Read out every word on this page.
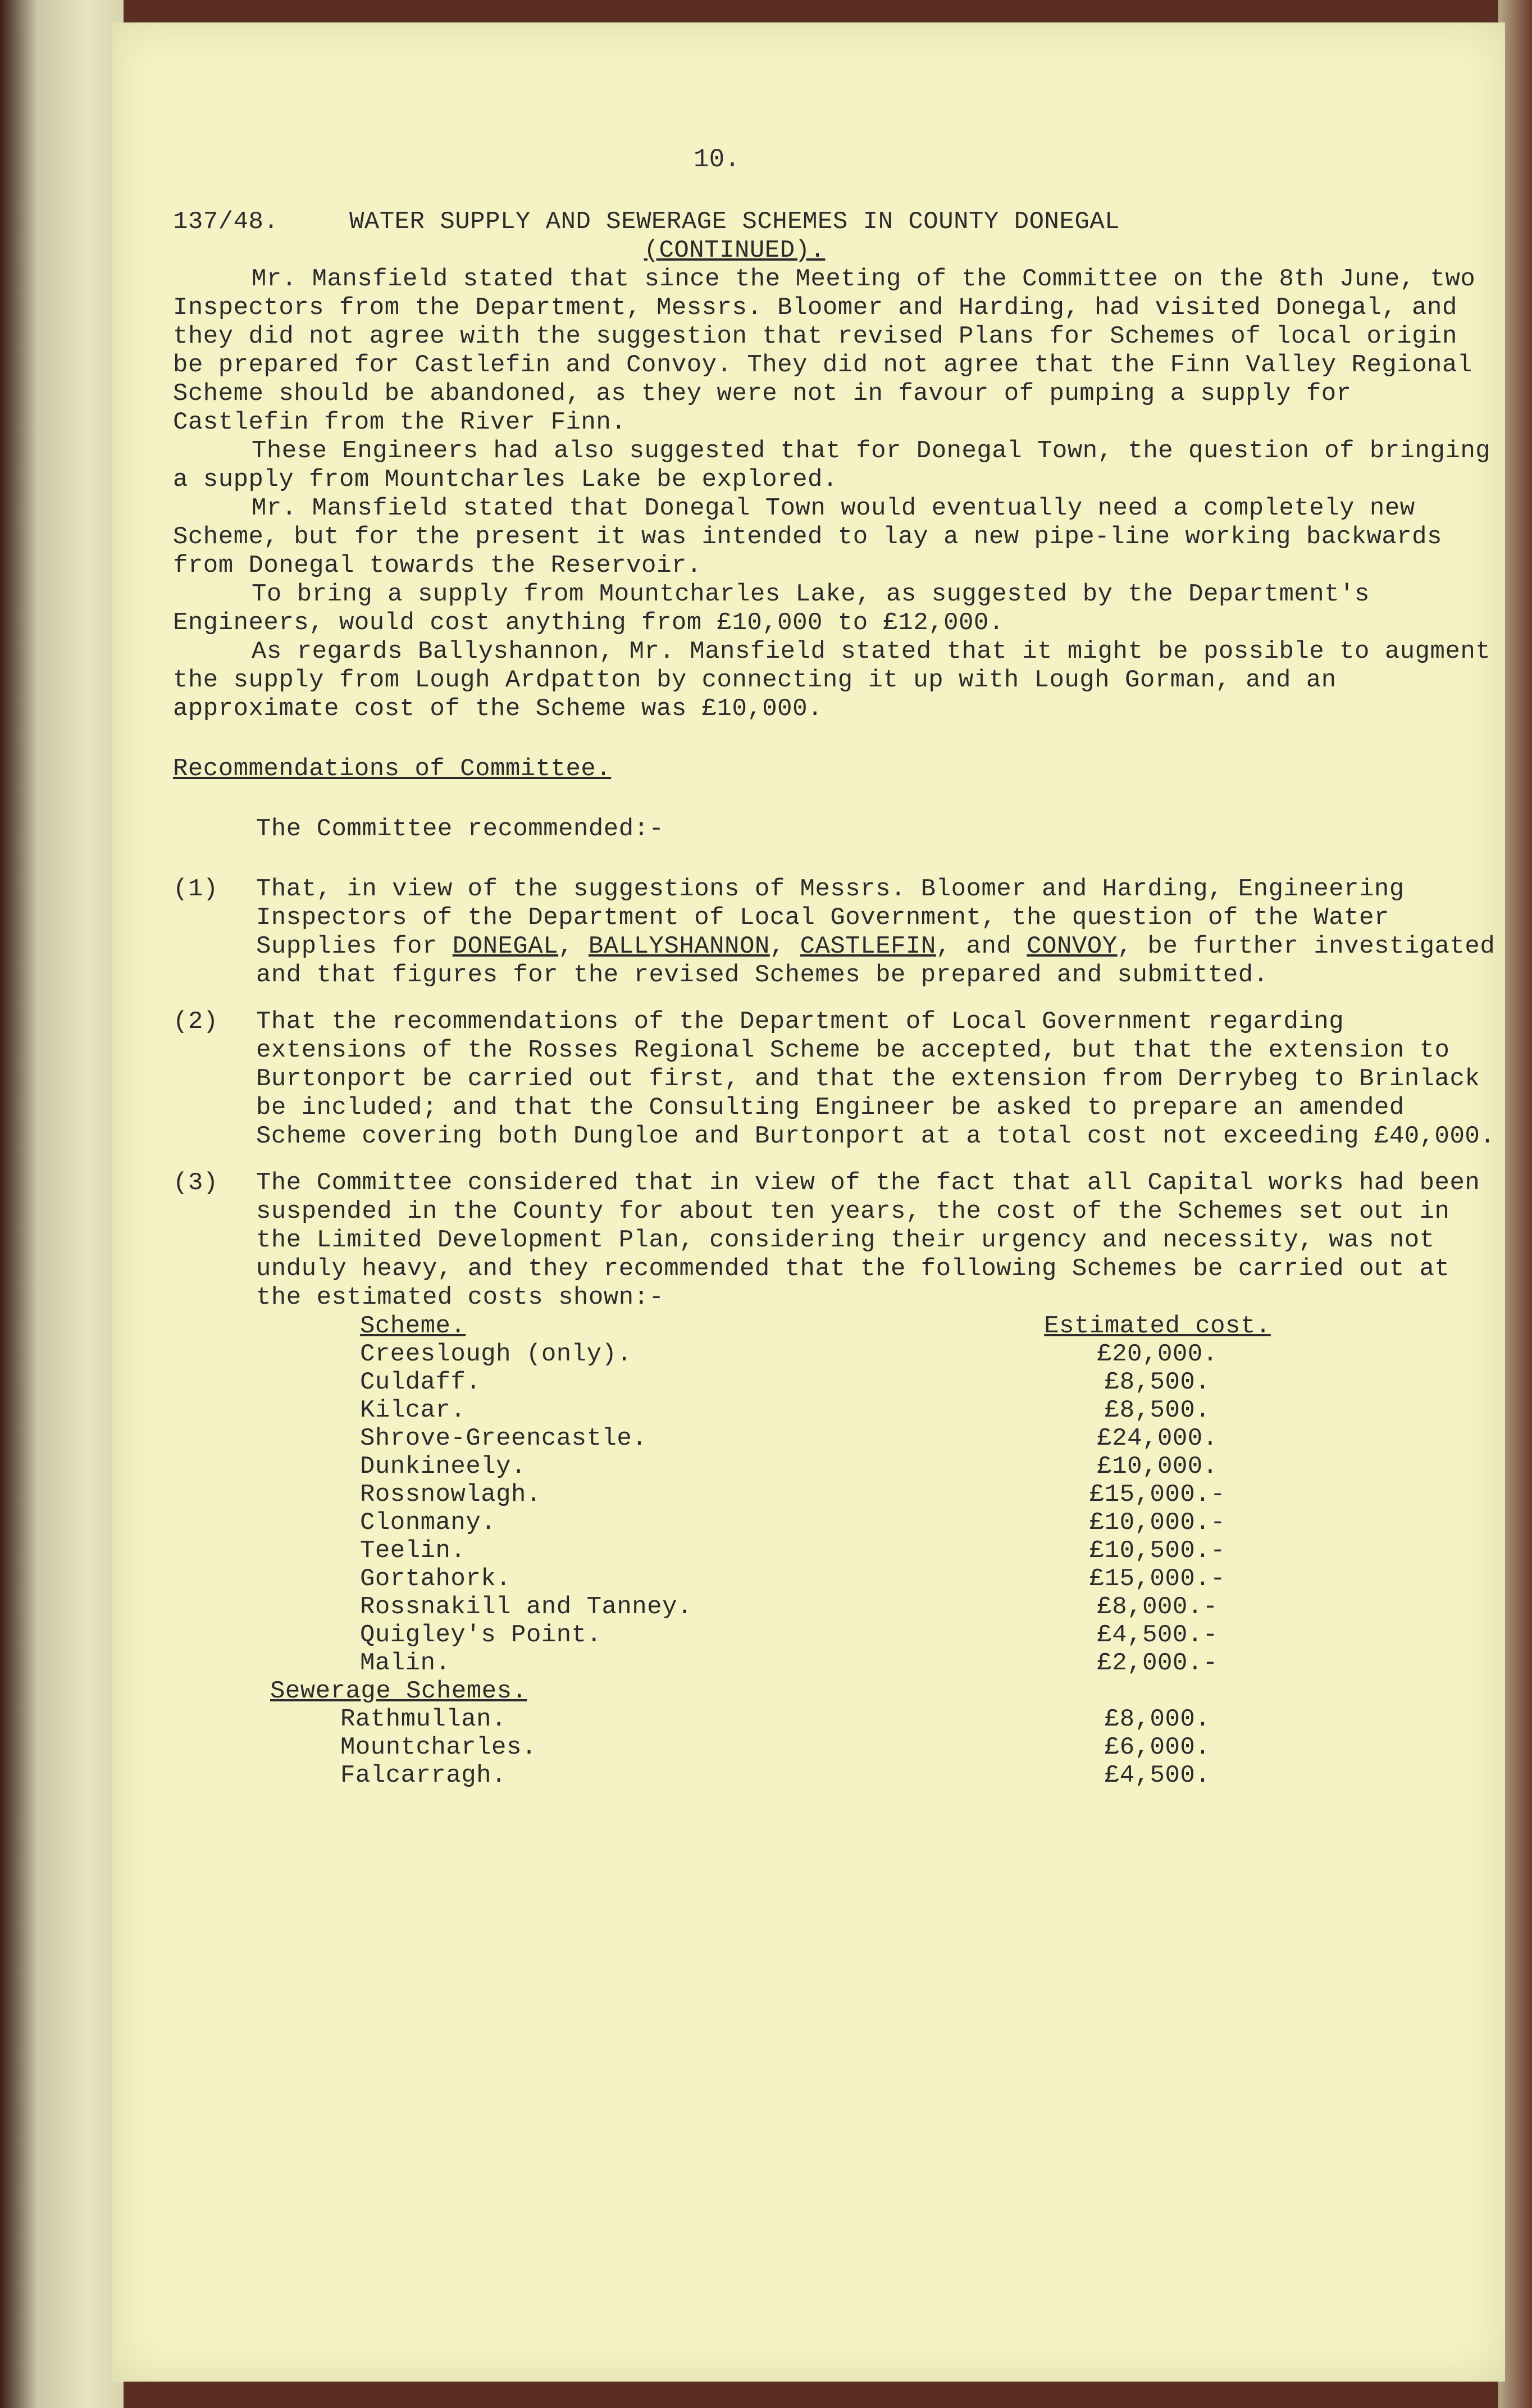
10.
137/48.	WATER SUPPLY AND SEWERAGE SCHEMES IN COUNTY DONEGAL
(CONTINUED).

Mr. Mansfield stated that since the Meeting of the Committee on the 8th June, two Inspectors from the Department, Messrs. Bloomer and Harding, had visited Donegal, and they did not agree with the suggestion that revised Plans for Schemes of local origin be prepared for Castlefin and Convoy. They did not agree that the Finn Valley Regional Scheme should be abandoned, as they were not in favour of pumping a supply for Castlefin from the River Finn.

These Engineers had also suggested that for Donegal Town, the question of bringing a supply from Mountcharles Lake be explored.

Mr. Mansfield stated that Donegal Town would eventually need a completely new Scheme, but for the present it was intended to lay a new pipe-line working backwards from Donegal towards the Reservoir.

To bring a supply from Mountcharles Lake, as suggested by the Department's Engineers, would cost anything from £10,000 to £12,000.

As regards Ballyshannon, Mr. Mansfield stated that it might be possible to augment the supply from Lough Ardpatton by connecting it up with Lough Gorman, and an approximate cost of the Scheme was £10,000.

Recommendations of Committee.

The Committee recommended:-

(1)	That, in view of the suggestions of Messrs. Bloomer and Harding, Engineering Inspectors of the Department of Local Government, the question of the Water Supplies for DONEGAL, BALLYSHANNON, CASTLEFIN, and CONVOY, be further investigated and that figures for the revised Schemes be prepared and submitted.
(2)	That the recommendations of the Department of Local Government regarding extensions of the Rosses Regional Scheme be accepted, but that the extension to Burtonport be carried out first, and that the extension from Derrybeg to Brinlack be included; and that the Consulting Engineer be asked to prepare an amended Scheme covering both Dungloe and Burtonport at a total cost not exceeding £40,000.
(3)	The Committee considered that in view of the fact that all Capital works had been suspended in the County for about ten years, the cost of the Schemes set out in the Limited Development Plan, considering their urgency and necessity, was not unduly heavy, and they recommended that the following Schemes be carried out at the estimated costs shown:-
Scheme.	Estimated cost.
Creeslough (only).	£20,000.
Culdaff.	£8,500.
Kilcar.	£8,500.
Shrove-Greencastle.	£24,000.
Dunkineely.	£10,000.
Rossnowlagh.	£15,000.-
Clonmany.	£10,000.-
Teelin.	£10,500.-
Gortahork.	£15,000.-
Rossnakill and Tanney.	£8,000.-
Quigley's Point.	£4,500.-
Malin.	£2,000.-
Sewerage Schemes.	
Rathmullan.	£8,000.
Mountcharles.	£6,000.
Falcarragh.	£4,500.
